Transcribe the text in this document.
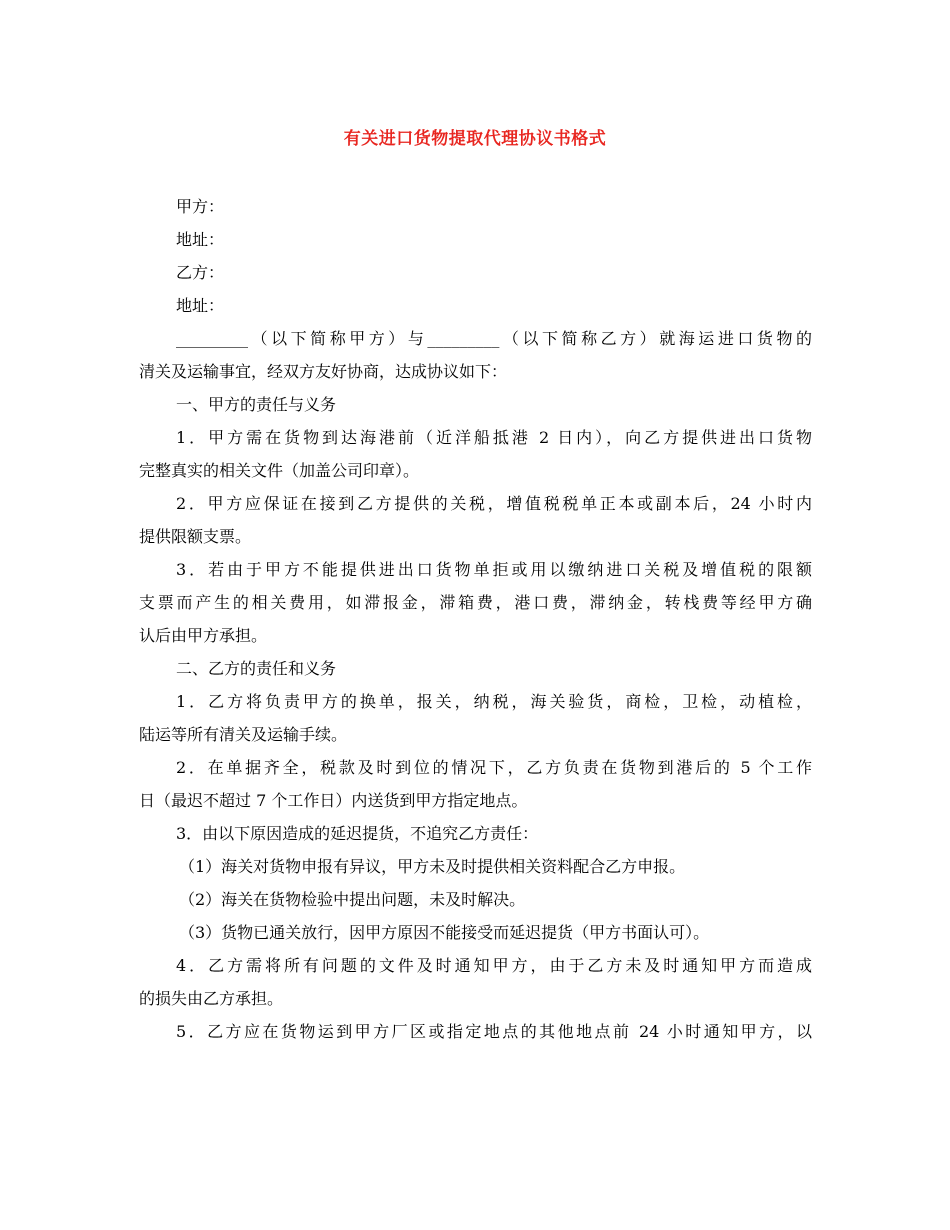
有关进口货物提取代理协议书格式
甲方：
地址：
乙方：
地址：
_________（以下简称甲方）与_________（以下简称乙方）就海运进口货物的
清关及运输事宜，经双方友好协商，达成协议如下：
一、甲方的责任与义务
1．甲方需在货物到达海港前（近洋船抵港 2 日内），向乙方提供进出口货物
完整真实的相关文件（加盖公司印章）。
2．甲方应保证在接到乙方提供的关税，增值税税单正本或副本后，24 小时内
提供限额支票。
3．若由于甲方不能提供进出口货物单拒或用以缴纳进口关税及增值税的限额
支票而产生的相关费用，如滞报金，滞箱费，港口费，滞纳金，转栈费等经甲方确
认后由甲方承担。
二、乙方的责任和义务
1．乙方将负责甲方的换单，报关，纳税，海关验货，商检，卫检，动植检，
陆运等所有清关及运输手续。
2．在单据齐全，税款及时到位的情况下，乙方负责在货物到港后的 5 个工作
日（最迟不超过 7 个工作日）内送货到甲方指定地点。
3．由以下原因造成的延迟提货，不追究乙方责任：
（1）海关对货物申报有异议，甲方未及时提供相关资料配合乙方申报。
（2）海关在货物检验中提出问题，未及时解决。
（3）货物已通关放行，因甲方原因不能接受而延迟提货（甲方书面认可）。
4．乙方需将所有问题的文件及时通知甲方，由于乙方未及时通知甲方而造成
的损失由乙方承担。
5．乙方应在货物运到甲方厂区或指定地点的其他地点前 24 小时通知甲方，以
